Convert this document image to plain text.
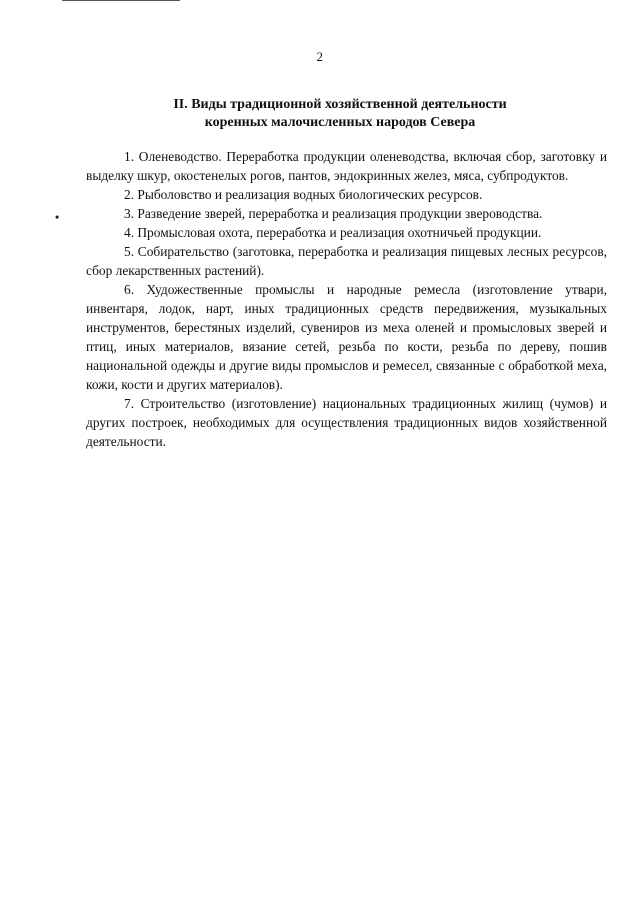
2
II. Виды традиционной хозяйственной деятельности
коренных малочисленных народов Севера
•

1. Оленеводство. Переработка продукции оленеводства, включая сбор, заготовку и выделку шкур, окостенелых рогов, пантов, эндокринных желез, мяса, субпродуктов.

2. Рыболовство и реализация водных биологических ресурсов.

3. Разведение зверей, переработка и реализация продукции звероводства.

4. Промысловая охота, переработка и реализация охотничьей продукции.

5. Собирательство (заготовка, переработка и реализация пищевых лесных ресурсов, сбор лекарственных растений).

6. Художественные промыслы и народные ремесла (изготовление утвари, инвентаря, лодок, нарт, иных традиционных средств передвижения, музыкальных инструментов, берестяных изделий, сувениров из меха оленей и промысловых зверей и птиц, иных материалов, вязание сетей, резьба по кости, резьба по дереву, пошив национальной одежды и другие виды промыслов и ремесел, связанные с обработкой меха, кожи, кости и других материалов).

7. Строительство (изготовление) национальных традиционных жилищ (чумов) и других построек, необходимых для осуществления традиционных видов хозяйственной деятельности.
